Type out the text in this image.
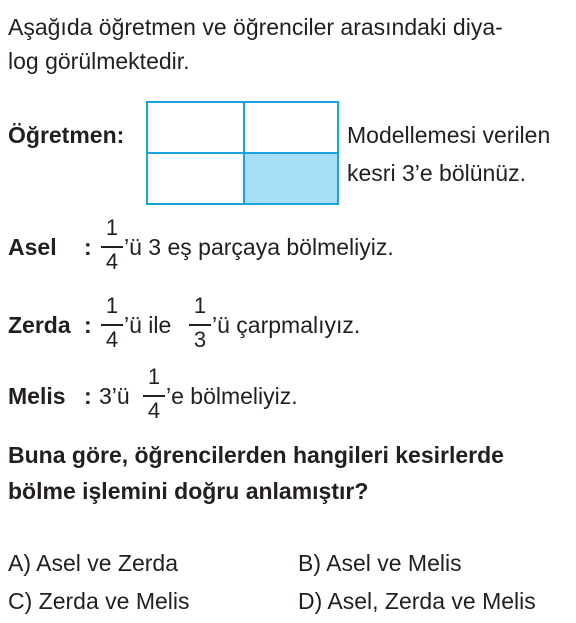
Aşağıda öğretmen ve öğrenciler arasındaki diya-
log görülmektedir.
Öğretmen:	Modellemesi verilen
kesri 3’e bölünüz.
Asel :
1
4
’ü 3 eş parçaya bölmeliyiz.
Zerda :
1
4
’ü ile
1
3
’ü çarpmalıyız.
Melis : 3’ü
1
4
’e bölmeliyiz.
Buna göre, öğrencilerden hangileri kesirlerde
bölme işlemini doğru anlamıştır?
A) Asel ve Zerda	B) Asel ve Melis
C) Zerda ve Melis	D) Asel, Zerda ve Melis
